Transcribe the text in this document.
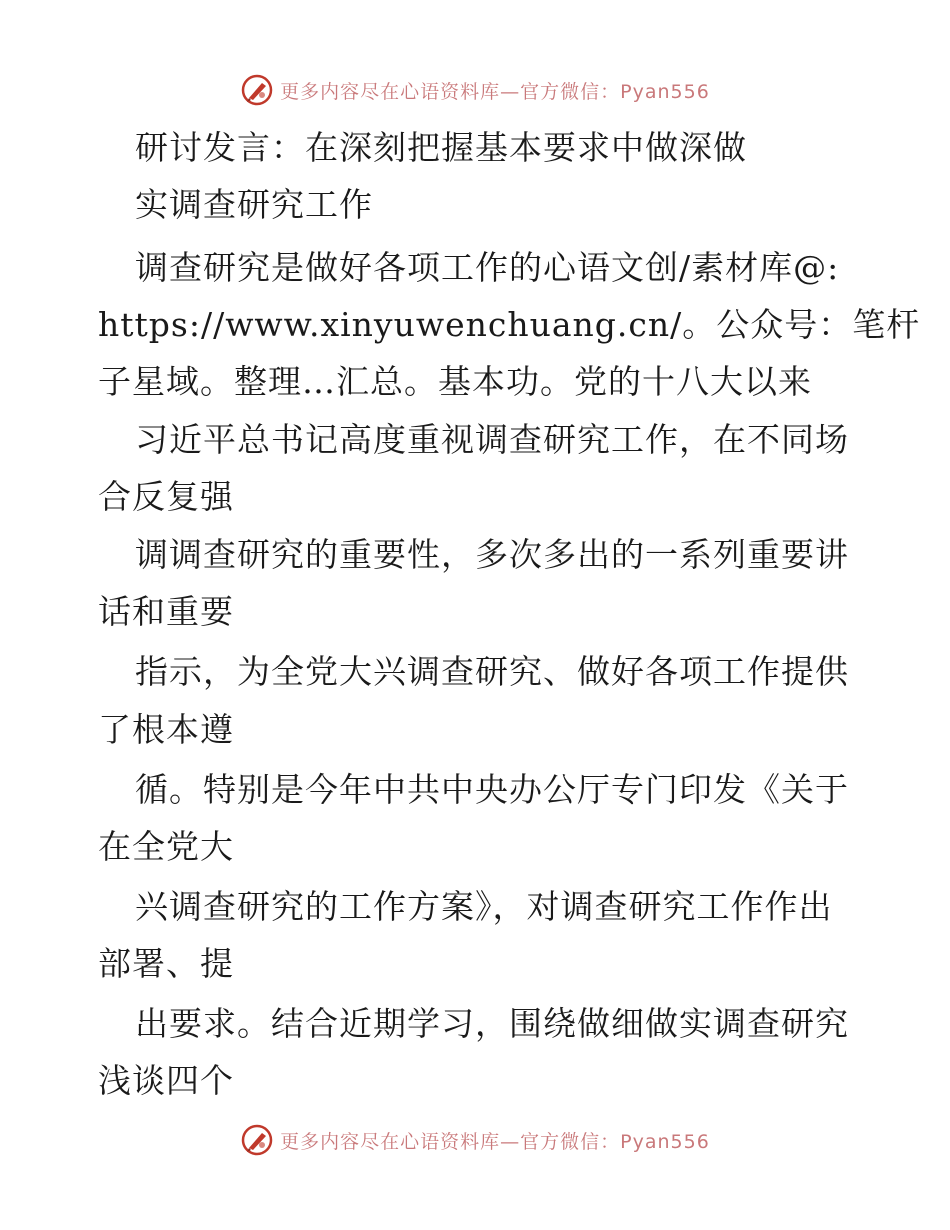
更多内容尽在心语资料库—官方微信：Pyan556
研讨发言：在深刻把握基本要求中做深做
实调查研究工作
调查研究是做好各项工作的心语文创/素材库@:
https://www.xinyuwenchuang.cn/。公众号：笔杆
子星域。整理…汇总。基本功。党的十八大以来
习近平总书记高度重视调查研究工作，在不同场
合反复强
调调查研究的重要性，多次多出的一系列重要讲
话和重要
指示，为全党大兴调查研究、做好各项工作提供
了根本遵
循。特别是今年中共中央办公厅专门印发《关于
在全党大
兴调查研究的工作方案》，对调查研究工作作出
部署、提
出要求。结合近期学习，围绕做细做实调查研究
浅谈四个
更多内容尽在心语资料库—官方微信：Pyan556
